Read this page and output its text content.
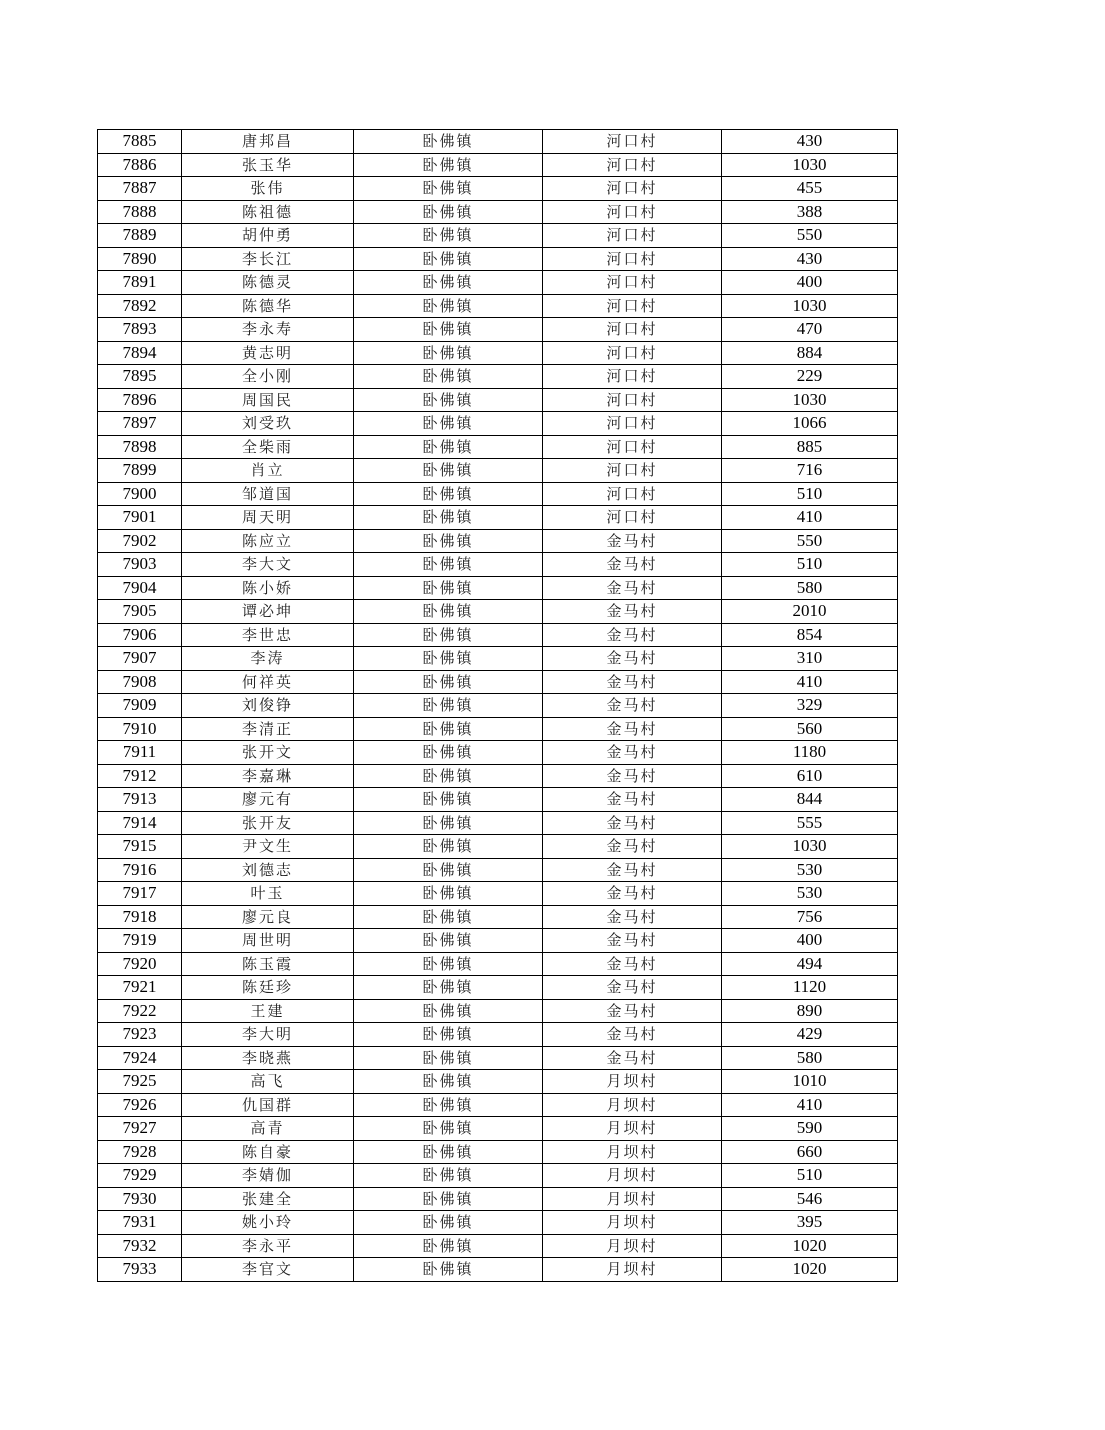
7885	唐邦昌	卧佛镇	河口村	430
7886	张玉华	卧佛镇	河口村	1030
7887	张伟	卧佛镇	河口村	455
7888	陈祖德	卧佛镇	河口村	388
7889	胡仲勇	卧佛镇	河口村	550
7890	李长江	卧佛镇	河口村	430
7891	陈德灵	卧佛镇	河口村	400
7892	陈德华	卧佛镇	河口村	1030
7893	李永寿	卧佛镇	河口村	470
7894	黄志明	卧佛镇	河口村	884
7895	全小刚	卧佛镇	河口村	229
7896	周国民	卧佛镇	河口村	1030
7897	刘受玖	卧佛镇	河口村	1066
7898	全柴雨	卧佛镇	河口村	885
7899	肖立	卧佛镇	河口村	716
7900	邹道国	卧佛镇	河口村	510
7901	周天明	卧佛镇	河口村	410
7902	陈应立	卧佛镇	金马村	550
7903	李大文	卧佛镇	金马村	510
7904	陈小娇	卧佛镇	金马村	580
7905	谭必坤	卧佛镇	金马村	2010
7906	李世忠	卧佛镇	金马村	854
7907	李涛	卧佛镇	金马村	310
7908	何祥英	卧佛镇	金马村	410
7909	刘俊铮	卧佛镇	金马村	329
7910	李清正	卧佛镇	金马村	560
7911	张开文	卧佛镇	金马村	1180
7912	李嘉琳	卧佛镇	金马村	610
7913	廖元有	卧佛镇	金马村	844
7914	张开友	卧佛镇	金马村	555
7915	尹文生	卧佛镇	金马村	1030
7916	刘德志	卧佛镇	金马村	530
7917	叶玉	卧佛镇	金马村	530
7918	廖元良	卧佛镇	金马村	756
7919	周世明	卧佛镇	金马村	400
7920	陈玉霞	卧佛镇	金马村	494
7921	陈廷珍	卧佛镇	金马村	1120
7922	王建	卧佛镇	金马村	890
7923	李大明	卧佛镇	金马村	429
7924	李晓燕	卧佛镇	金马村	580
7925	高飞	卧佛镇	月坝村	1010
7926	仇国群	卧佛镇	月坝村	410
7927	高青	卧佛镇	月坝村	590
7928	陈自豪	卧佛镇	月坝村	660
7929	李婧伽	卧佛镇	月坝村	510
7930	张建全	卧佛镇	月坝村	546
7931	姚小玲	卧佛镇	月坝村	395
7932	李永平	卧佛镇	月坝村	1020
7933	李官文	卧佛镇	月坝村	1020
